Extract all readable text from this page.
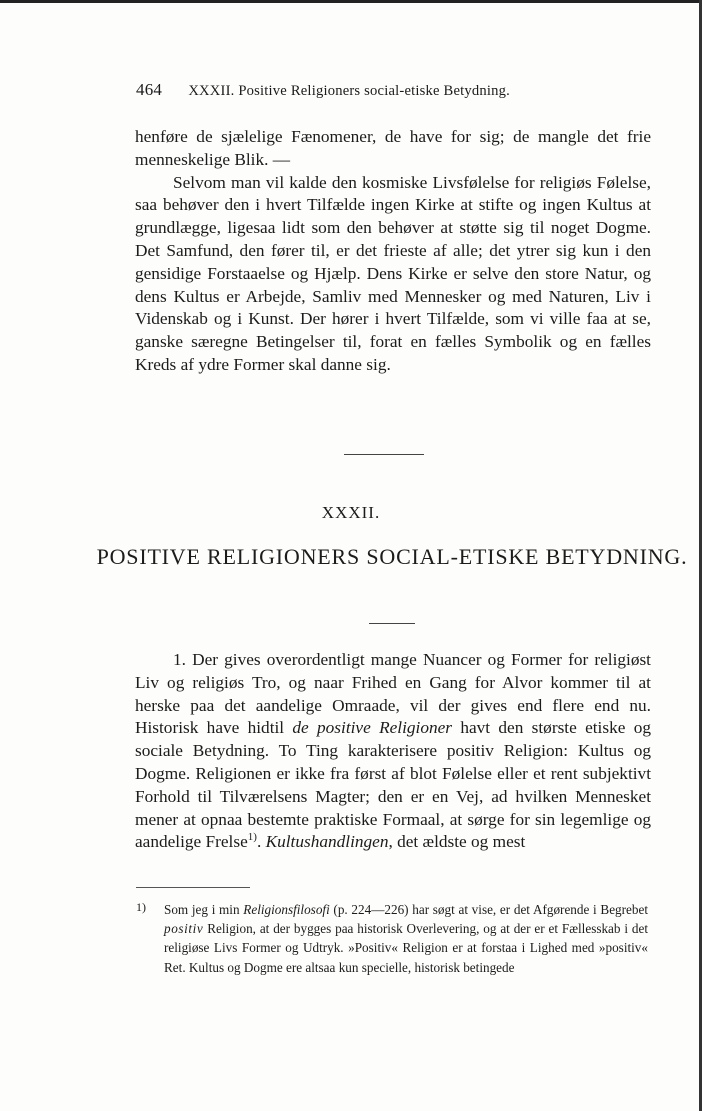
464 XXXII. Positive Religioners social-etiske Betydning.

henføre de sjælelige Fænomener, de have for sig; de mangle det frie menneskelige Blik. —

Selvom man vil kalde den kosmiske Livsfølelse for religiøs Følelse, saa behøver den i hvert Tilfælde ingen Kirke at stifte og ingen Kultus at grundlægge, ligesaa lidt som den behøver at støtte sig til noget Dogme. Det Samfund, den fører til, er det frieste af alle; det ytrer sig kun i den gensidige Forstaaelse og Hjælp. Dens Kirke er selve den store Natur, og dens Kultus er Arbejde, Samliv med Mennesker og med Naturen, Liv i Videnskab og i Kunst. Der hører i hvert Tilfælde, som vi ville faa at se, ganske særegne Betingelser til, forat en fælles Symbolik og en fælles Kreds af ydre Former skal danne sig.

XXXII.
POSITIVE RELIGIONERS SOCIAL-ETISKE BETYDNING.

1. Der gives overordentligt mange Nuancer og Former for religiøst Liv og religiøs Tro, og naar Frihed en Gang for Alvor kommer til at herske paa det aandelige Omraade, vil der gives end flere end nu. Historisk have hidtil de positive Religioner havt den største etiske og sociale Betydning. To Ting karakterisere positiv Religion: Kultus og Dogme. Religionen er ikke fra først af blot Følelse eller et rent subjektivt Forhold til Tilværelsens Magter; den er en Vej, ad hvilken Mennesket mener at opnaa bestemte praktiske Formaal, at sørge for sin legemlige og aandelige Frelse$^{1)}$. Kultushandlingen, det ældste og mest

1)	Som jeg i min Religionsfilosofi (p. 224—226) har søgt at vise, er det Afgørende i Begrebet positiv Religion, at der bygges paa historisk Overlevering, og at der er et Fællesskab i det religiøse Livs Former og Udtryk. »Positiv« Religion er at forstaa i Lighed med »positiv« Ret. Kultus og Dogme ere altsaa kun specielle, historisk betingede
